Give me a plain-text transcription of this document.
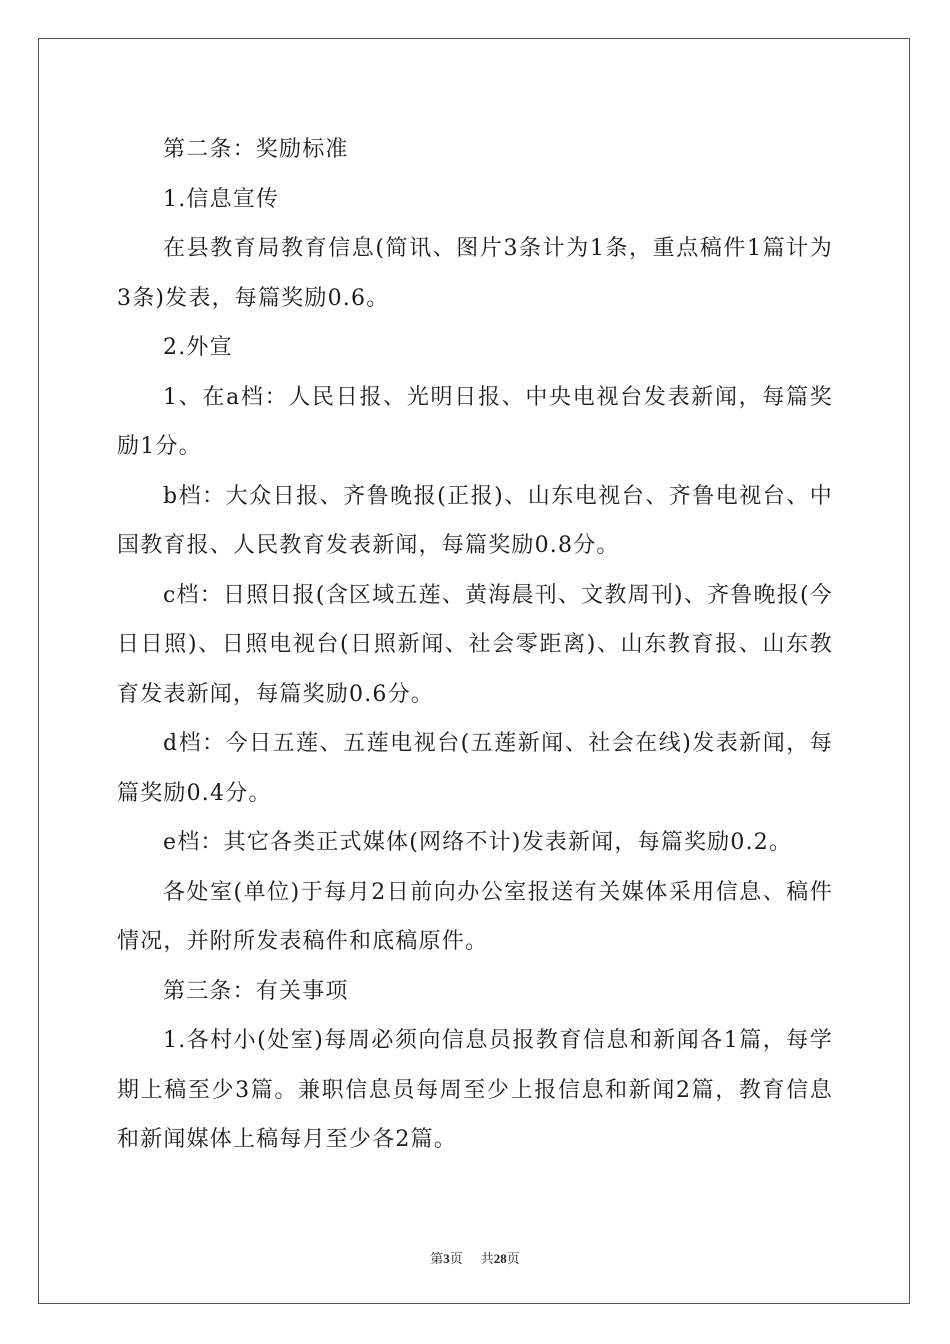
第二条：奖励标准

1.信息宣传

在县教育局教育信息(简讯、图片3条计为1条，重点稿件1篇计为3条)发表，每篇奖励0.6。

2.外宣

1、在a档：人民日报、光明日报、中央电视台发表新闻，每篇奖励1分。

b档：大众日报、齐鲁晚报(正报)、山东电视台、齐鲁电视台、中国教育报、人民教育发表新闻，每篇奖励0.8分。

c档：日照日报(含区域五莲、黄海晨刊、文教周刊)、齐鲁晚报(今日日照)、日照电视台(日照新闻、社会零距离)、山东教育报、山东教育发表新闻，每篇奖励0.6分。

d档：今日五莲、五莲电视台(五莲新闻、社会在线)发表新闻，每篇奖励0.4分。

e档：其它各类正式媒体(网络不计)发表新闻，每篇奖励0.2。

各处室(单位)于每月2日前向办公室报送有关媒体采用信息、稿件情况，并附所发表稿件和底稿原件。

第三条：有关事项

1.各村小(处室)每周必须向信息员报教育信息和新闻各1篇，每学期上稿至少3篇。兼职信息员每周至少上报信息和新闻2篇，教育信息和新闻媒体上稿每月至少各2篇。

第3页 共28页
